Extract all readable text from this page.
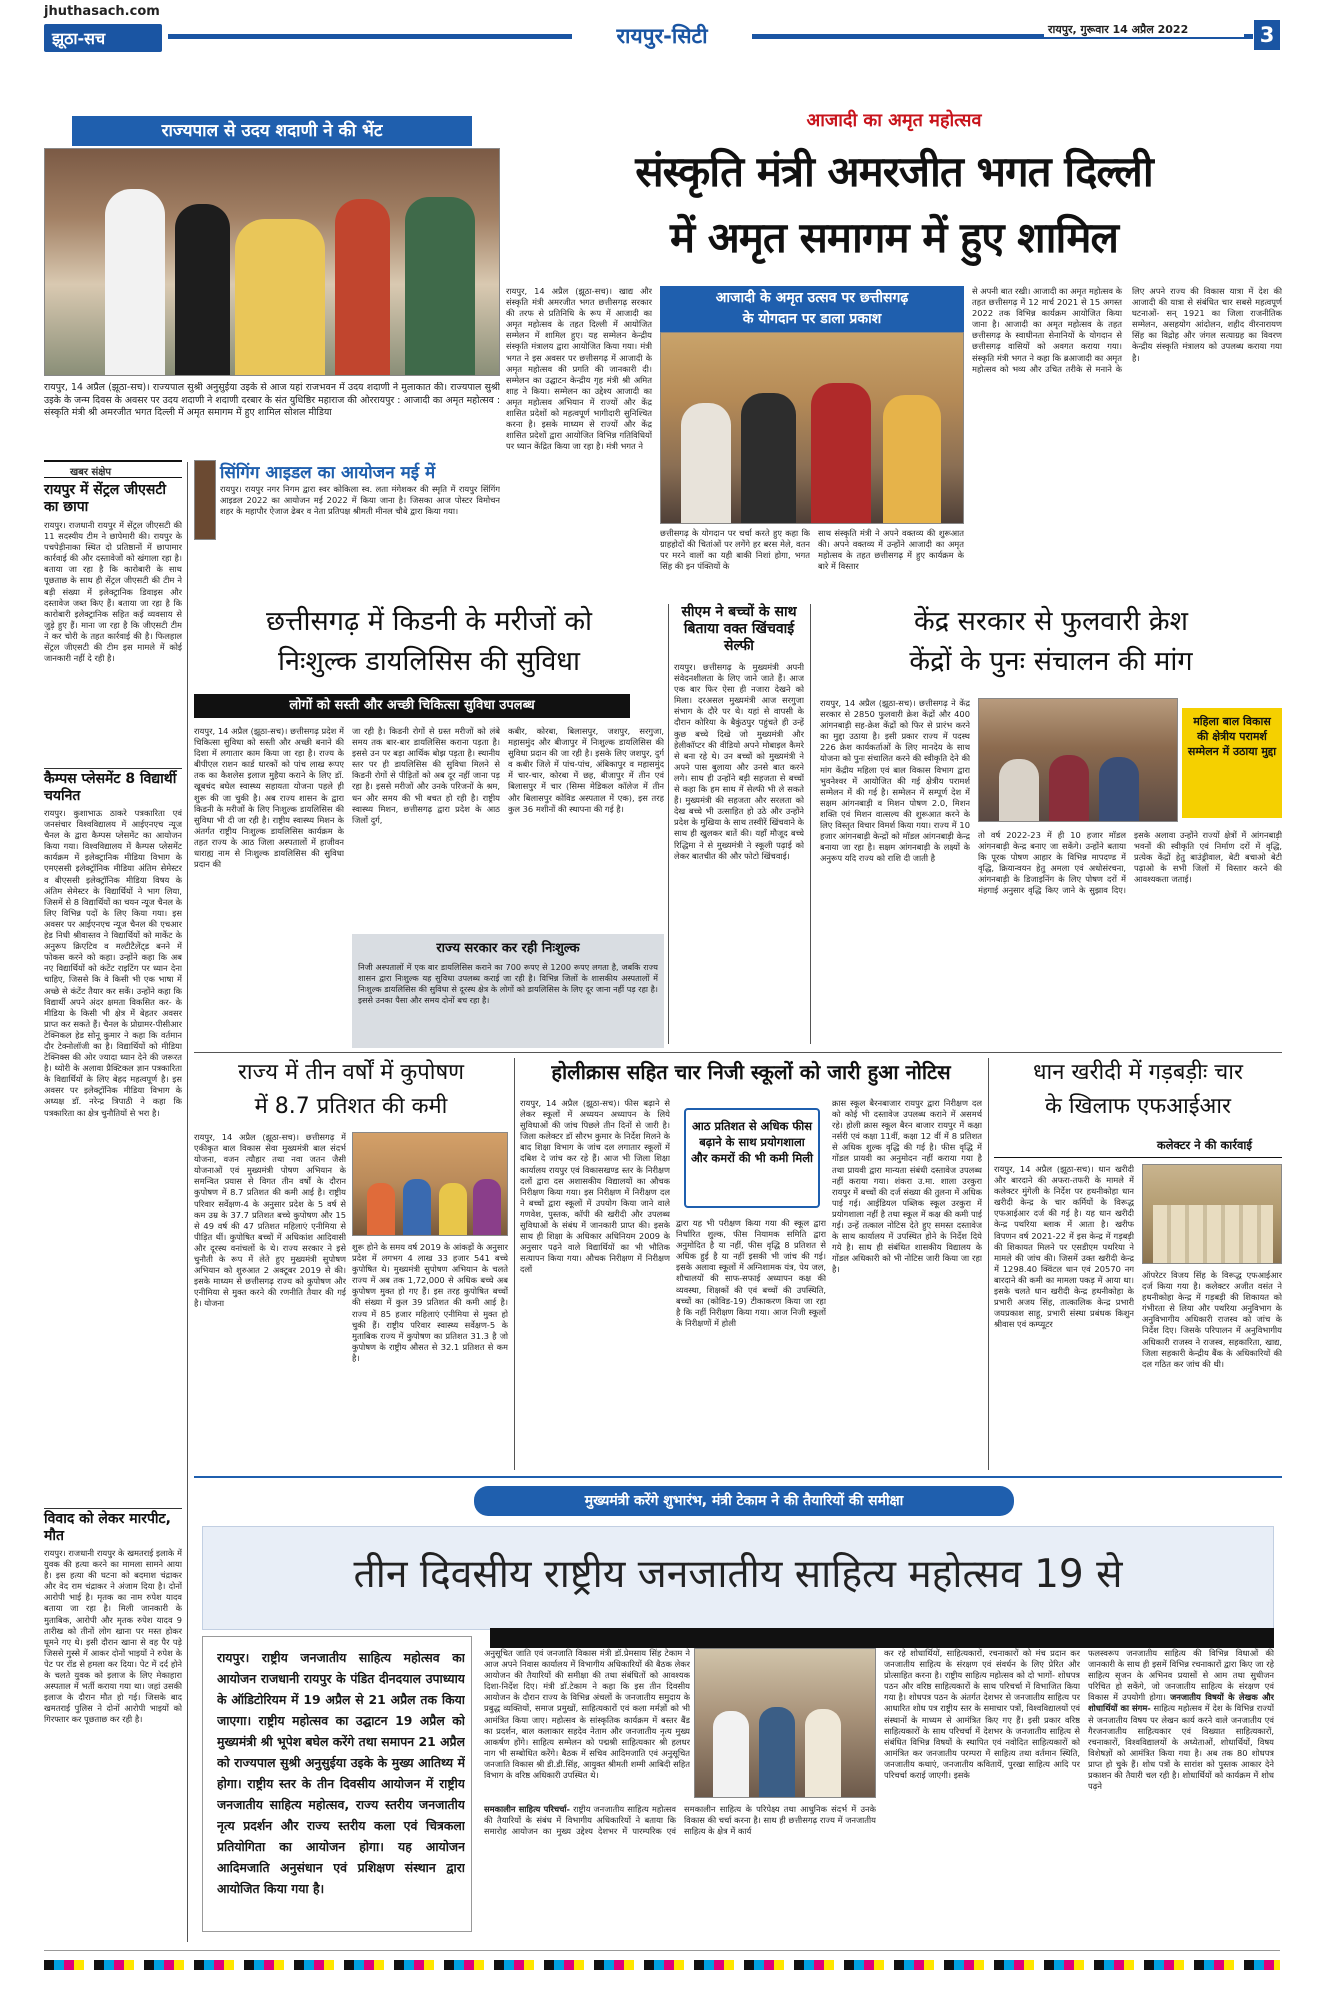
jhuthasach.com
झूठा-सच	रायपुर-सिटी	रायपुर, गुरूवार 14 अप्रैल 2022	3
राज्यपाल से उदय शदाणी ने की भेंट
रायपुर, 14 अप्रैल (झूठा-सच)। राज्यपाल सुश्री अनुसुईया उइके से आज यहां राजभवन में उदय शदाणी ने मुलाकात की। राज्यपाल सुश्री उइके के जन्म दिवस के अवसर पर उदय शदाणी ने शदाणी दरबार के संत युधिष्ठिर महाराज की ओररायपुर : आजादी का अमृत महोत्सव : संस्कृति मंत्री श्री अमरजीत भगत दिल्ली में अमृत समागम में हुए शामिल सोशल मीडिया
आजादी का अमृत महोत्सव
संस्कृति मंत्री अमरजीत भगत दिल्ली
में अमृत समागम में हुए शामिल
रायपुर, 14 अप्रैल (झूठा-सच)। खाद्य और संस्कृति मंत्री अमरजीत भगत छत्तीसगढ़ सरकार की तरफ से प्रतिनिधि के रूप में आजादी का अमृत महोत्सव के तहत दिल्ली में आयोजित सम्मेलन में शामिल हुए। यह सम्मेलन केन्द्रीय संस्कृति मंत्रालय द्वारा आयोजित किया गया। मंत्री भगत ने इस अवसर पर छत्तीसगढ़ में आजादी के अमृत महोत्सव की प्रगति की जानकारी दी। सम्मेलन का उद्घाटन केन्द्रीय गृह मंत्री श्री अमित शाह ने किया। सम्मेलन का उद्देश्य आजादी का अमृत महोत्सव अभियान में राज्यों और केंद्र शासित प्रदेशों को महत्वपूर्ण भागीदारी सुनिश्चित करना है। इसके माध्यम से राज्यों और केंद्र शासित प्रदेशों द्वारा आयोजित विभिन्न गतिविधियों पर ध्यान केंद्रित किया जा रहा है। मंत्री भगत ने
आजादी के अमृत उत्सव पर छत्तीसगढ़
के योगदान पर डाला प्रकाश
छत्तीसगढ़ के योगदान पर चर्चा करते हुए कहा कि ग्राहहोदों की चितांओं पर लगेंगे हर बरस मेले, वतन पर मरने वालों का यही बाकी निशां होगा, भगत सिंह की इन पंक्तियों के
साथ संस्कृति मंत्री ने अपने वक्तव्य की शुरूआत की। अपने वक्तव्य में उन्होंने आजादी का अमृत महोत्सव के तहत छत्तीसगढ़ में हुए कार्यक्रम के बारे में विस्तार
से अपनी बात रखी। आजादी का अमृत महोत्सव के तहत छत्तीसगढ़ में 12 मार्च 2021 से 15 अगस्त 2022 तक विभिन्न कार्यक्रम आयोजित किया जाना है। आजादी का अमृत महोत्सव के तहत छत्तीसगढ़ के स्वाधीनता सेनानियों के योगदान से छत्तीसगढ़ वासियों को अवगत कराया गया। संस्कृति मंत्री भगत ने कहा कि ब्रआजादी का अमृत महोत्सव को भव्य और उचित तरीके से मनाने के लिए अपने राज्य की विकास यात्रा में देश की आजादी की यात्रा से संबंधित चार सबसे महत्वपूर्ण घटनाओं- सन् 1921 का जिला राजनीतिक सम्मेलन, असहयोग आंदोलन, शहीद वीरनारायण सिंह का विद्रोह और जंगल सत्याग्रह का विवरण केन्द्रीय संस्कृति मंत्रालय को उपलब्ध कराया गया है।
खबर संक्षेप
रायपुर में सेंट्रल जीएसटी का छापा
रायपुर। राजधानी रायपुर में सेंट्रल जीएसटी की 11 सदस्यीय टीम ने छापेमारी की। रायपुर के पचपेड़ीनाका स्थित दो प्रतिष्ठानों में छापामार कार्रवाई की और दस्तावेजों को खंगाला रहा है। बताया जा रहा है कि कारोबारी के साथ पूछताछ के साथ ही सेंट्रल जीएसटी की टीम ने बड़ी संख्या में इलेक्ट्रानिक डिवाइस और दस्तावेज जब्त किए हैं। बताया जा रहा है कि कारोबारी इलेक्ट्रानिक सहित कई व्यवसाय से जुड़े हुए हैं। माना जा रहा है कि जीएसटी टीम ने कर चोरी के तहत कार्रवाई की है। फिलहाल सेंट्रल जीएसटी की टीम इस मामले में कोई जानकारी नहीं दे रही है।
कैम्पस प्लेसमेंट 8 विद्यार्थी चयनित
रायपुर। कुशाभाऊ ठाकरे पत्रकारिता एवं जनसंचार विश्वविद्यालय में आईएनएच न्यूज चैनल के द्वारा कैम्पस प्लेसमेंट का आयोजन किया गया। विश्वविद्यालय में कैम्पस प्लेसमेंट कार्यक्रम में इलेक्ट्रानिक मीडिया विभाग के एमएससी इलेक्ट्रॉनिक मीडिया अंतिम सेमेस्टर व बीएससी इलेक्ट्रॉनिक मीडिया विषय के अंतिम सेमेस्टर के विद्यार्थियों ने भाग लिया, जिसमें से 8 विद्यार्थियों का चयन न्यूज चैनल के लिए विभिन्न पदों के लिए किया गया। इस अवसर पर आईएनएच न्यूज चैनल की एचआर हेड निधी श्रीवास्तव ने विद्यार्थियों को मार्केट के अनुरूप क्रिएटिव व मल्टीटैलेंट्ड बनने में फोकस करने को कहा। उन्होंने कहा कि अब नए विद्यार्थियों को कंटेंट राइटिंग पर ध्यान देना चाहिए, जिससे कि वे किसी भी एक भाषा में अच्छे से कंटेंट तैयार कर सकें। उन्होंने कहा कि विद्यार्थी अपने अंदर क्षमता विकसित कर- के मीडिया के किसी भी क्षेत्र में बेहतर अवसर प्राप्त कर सकते हैं। चैनल के प्रोग्रामर-पीसीआर टेक्निकल हेड सोनू कुमार ने कहा कि वर्तमान दौर टेक्नोलॉजी का है। विद्यार्थियों को मीडिया टेक्निक्स की ओर ज्यादा ध्यान देने की जरूरत है। थ्योरी के अलावा प्रैक्टिकल ज्ञान पत्रकारिता के विद्यार्थियों के लिए बेहद महत्वपूर्ण है। इस अवसर पर इलेक्ट्रॉनिक मीडिया विभाग के अध्यक्ष डॉ. नरेन्द्र त्रिपाठी ने कहा कि पत्रकारिता का क्षेत्र चुनौतियों से भरा है।
विवाद को लेकर मारपीट, मौत
रायपुर। राजधानी रायपुर के खमतराई इलाके में युवक की हत्या करने का मामला सामने आया है। इस हत्या की घटना को बदमाश चंद्राकर और वेद राम चंद्राकर ने अंजाम दिया है। दोनों आरोपी भाई है। मृतक का नाम रुपेश यादव बताया जा रहा है। मिली जानकारी के मुताबिक, आरोपी और मृतक रुपेश यादव 9 तारीख को तीनों लोग खाना पर मस्त होकर घूमने गए थे। इसी दौरान खाना से वह पैर पड़े जिससे गुस्से में आकर दोनों भाइयों ने रुपेश के पेट पर रॉड से हमला कर दिया। पेट में दर्द होने के चलते युवक को इलाज के लिए मेकाहारा अस्पताल में भर्ती कराया गया था। जहां उसकी इलाज के दौरान मौत हो गई। जिसके बाद खमतराई पुलिस ने दोनों आरोपी भाइयों को गिरफ्तार कर पूछताछ कर रही है।
सिंगिंग आइडल का आयोजन मई में
रायपुर। रायपुर नगर निगम द्वारा स्वर कोकिला स्व. लता मंगेशकर की स्मृति में रायपुर सिंगिंग आइडल 2022 का आयोजन मई 2022 में किया जाना है। जिसका आज पोस्टर विमोचन शहर के महापौर ऐजाज ढेबर व नेता प्रतिपक्ष श्रीमती मीनल चौबे द्वारा किया गया।
छत्तीसगढ़ में किडनी के मरीजों को
निःशुल्क डायलिसिस की सुविधा
लोगों को सस्ती और अच्छी चिकित्सा सुविधा उपलब्ध
रायपुर, 14 अप्रैल (झूठा-सच)। छत्तीसगढ़ प्रदेश में चिकित्सा सुविधा को सस्ती और अच्छी बनाने की दिशा में लगातार काम किया जा रहा है। राज्य के बीपीएल राशन कार्ड धारकों को पांच लाख रूपए तक का कैशलेस इलाज मुहैया कराने के लिए डॉ. खूबचंद बघेल स्वास्थ्य सहायता योजना पहले ही शुरू की जा चुकी है। अब राज्य शासन के द्वारा किडनी के मरीजों के लिए निःशुल्क डायलिसिस की सुविधा भी दी जा रही है। राष्ट्रीय स्वास्थ्य मिशन के अंतर्गत राष्ट्रीय निःशुल्क डायलिसिस कार्यक्रम के तहत राज्य के आठ जिला अस्पतालों में हाजीवन धाराह्य नाम से निःशुल्क डायलिसिस की सुविधा प्रदान की
जा रही है। किडनी रोगों से ग्रस्त मरीजों को लंबे समय तक बार-बार डायलिसिस कराना पड़ता है। इससे उन पर बड़ा आर्थिक बोझ पड़ता है। स्थानीय स्तर पर ही डायलिसिस की सुविधा मिलने से किडनी रोगों से पीड़ितों को अब दूर नहीं जाना पड़ रहा है। इससे मरीजों और उनके परिजनों के श्रम, धन और समय की भी बचत हो रही है। राष्ट्रीय स्वास्थ्य मिशन, छत्तीसगढ़ द्वारा प्रदेश के आठ जिलों दुर्ग,
कबीर, कोरबा, बिलासपुर, जशपुर, सरगुजा, महासमुंद और बीजापुर में निःशुल्क डायलिसिस की सुविधा प्रदान की जा रही है। इसके लिए जशपुर, दुर्ग व कबीर जिले में पांच-पांच, अंबिकापुर व महासमुंद में चार-चार, कोरबा में छह, बीजापुर में तीन एवं बिलासपुर में चार (सिम्स मेडिकल कॉलेज में तीन और बिलासपुर कोविड अस्पताल में एक), इस तरह कुल 36 मशीनों की स्थापना की गई है।
राज्य सरकार कर रही निःशुल्क
निजी अस्पतालों में एक बार डायलिसिस कराने का 700 रूपए से 1200 रूपए लगता है, जबकि राज्य शासन द्वारा निःशुल्क यह सुविधा उपलब्ध कराई जा रही है। विभिन्न जिलों के शासकीय अस्पतालों में निःशुल्क डायलिसिस की सुविधा से दूरस्थ क्षेत्र के लोगों को डायलिसिस के लिए दूर जाना नहीं पड़ रहा है। इससे उनका पैसा और समय दोनों बच रहा है।
सीएम ने बच्चों के साथ बिताया वक्त खिंचवाई सेल्फी
रायपुर। छत्तीसगढ़ के मुख्यमंत्री अपनी संवेदनशीलता के लिए जाने जाते हैं। आज एक बार फिर ऐसा ही नजारा देखने को मिला। दरअसल मुख्यमंत्री आज सरगुजा संभाग के दौरे पर थे। यहां से वापसी के दौरान कोरिया के बैकुंठपुर पहुंचते ही उन्हें कुछ बच्चे दिखे जो मुख्यमंत्री और हेलीकॉप्टर की वीडियो अपने मोबाइल कैमरे से बना रहे थे। उन बच्चों को मुख्यमंत्री ने अपने पास बुलाया और उनसे बात करने लगे। साथ ही उन्होंने बड़ी सहजता से बच्चों से कहा कि हम साथ में सेल्फी भी ले सकते हैं। मुख्यमंत्री की सहजता और सरलता को देख बच्चे भी उत्साहित हो उठे और उन्होंने प्रदेश के मुखिया के साथ तस्वीरें खिंचवाने के साथ ही खुलकर बातें की। यहाँ मौजूद बच्चे रिद्धिमा ने से मुख्यमंत्री ने स्कूली पढ़ाई को लेकर बातचीत की और फोटो खिंचवाई।
केंद्र सरकार से फुलवारी क्रेश
केंद्रों के पुनः संचालन की मांग
रायपुर, 14 अप्रैल (झूठा-सच)। छत्तीसगढ़ ने केंद्र सरकार से 2850 फुलवारी क्रेश केंद्रों और 400 आंगनबाड़ी सह-क्रेश केंद्रों को फिर से प्रारंभ करने का मुद्दा उठाया है। इसी प्रकार राज्य में पदस्थ 226 क्रेश कार्यकर्ताओं के लिए मानदेय के साथ योजना को पुनः संचालित करने की स्वीकृति देने की मांग केंद्रीय महिला एवं बाल विकास विभाग द्वारा भुवनेश्वर में आयोजित की गई क्षेत्रीय परामर्श सम्मेलन में की गई है। सम्मेलन में सम्पूर्ण देश में सक्षम आंगनबाड़ी व मिशन पोषण 2.0, मिशन शक्ति एवं मिशन वात्सल्य की शुरूआत करने के लिए विस्तृत विचार विमर्श किया गया। राज्य में 10 हजार आंगनबाड़ी केन्द्रों को मॉडल आंगनबाड़ी केन्द्र बनाया जा रहा है। सक्षम आंगनबाड़ी के लक्ष्यों के अनुरूप यदि राज्य को राशि दी जाती है
महिला बाल विकास की क्षेत्रीय परामर्श सम्मेलन में उठाया मुद्दा
तो वर्ष 2022-23 में ही 10 हजार मॉडल आंगनबाड़ी केन्द्र बनाए जा सकेंगे। उन्होंने बताया कि पूरक पोषण आहार के विभिन्न मापदण्ड में वृद्धि, क्रियान्वयन हेतु अमला एवं अधोसंरचना, आंगनबाड़ी के डिजाइनिंग के लिए पोषण दरों में मंहगाई अनुसार वृद्धि किए जाने के सुझाव दिए। इसके अलावा उन्होंने राज्यों क्षेत्रों में आंगनबाड़ी भवनों की स्वीकृति एवं निर्माण दरों में वृद्धि, प्रत्येक केंद्रों हेतु बाउंड्रीवाल, बेटी बचाओ बेटी पढ़ाओ के सभी जिलों में विस्तार करने की आवश्यकता जताई।
राज्य में तीन वर्षों में कुपोषण
में 8.7 प्रतिशत की कमी
रायपुर, 14 अप्रैल (झूठा-सच)। छत्तीसगढ़ में एकीकृत बाल विकास सेवा मुख्यमंत्री बाल संदर्भ योजना, वजन त्यौहार तथा नवा जतन जैसी योजनाओं एवं मुख्यमंत्री पोषण अभियान के समन्वित प्रयास से विगत तीन वर्षों के दौरान कुपोषण में 8.7 प्रतिशत की कमी आई है। राष्ट्रीय परिवार सर्वेक्षण-4 के अनुसार प्रदेश के 5 वर्ष से कम उम्र के 37.7 प्रतिशत बच्चे कुपोषण और 15 से 49 वर्ष की 47 प्रतिशत महिलाएं एनीमिया से पीड़ित थीं। कुपोषित बच्चों में अधिकांश आदिवासी और दूरस्थ वनांचलों के थे। राज्य सरकार ने इसे चुनौती के रूप में लेते हुए मुख्यमंत्री सुपोषण अभियान को शुरुआत 2 अक्टूबर 2019 से की। इसके माध्यम से छत्तीसगढ़ राज्य को कुपोषण और एनीमिया से मुक्त करने की रणनीति तैयार की गई है। योजना
शुरू होने के समय वर्ष 2019 के आंकड़ों के अनुसार प्रदेश में लगभग 4 लाख 33 हजार 541 बच्चे कुपोषित थे। मुख्यमंत्री सुपोषण अभियान के चलते राज्य में अब तक 1,72,000 से अधिक बच्चे अब कुपोषण मुक्त हो गए हैं। इस तरह कुपोषित बच्चों की संख्या में कुल 39 प्रतिशत की कमी आई है। राज्य में 85 हजार महिलाएं एनीमिया से मुक्त हो चुकी हैं। राष्ट्रीय परिवार स्वास्थ्य सर्वेक्षण-5 के मुताबिक राज्य में कुपोषण का प्रतिशत 31.3 है जो कुपोषण के राष्ट्रीय औसत से 32.1 प्रतिशत से कम है।
होलीक्रास सहित चार निजी स्कूलों को जारी हुआ नोटिस
रायपुर, 14 अप्रैल (झूठा-सच)। फीस बढ़ाने से लेकर स्कूलों में अध्ययन अध्यापन के लिये सुविधाओं की जांच पिछले तीन दिनों से जारी है। जिला कलेक्टर डॉ सौरभ कुमार के निर्देश मिलने के बाद शिक्षा विभाग के जांच दल लगातार स्कूलों में दबिश दे जांच कर रहे हैं। आज भी जिला शिक्षा कार्यालय रायपुर एवं विकासखण्ड स्तर के निरीक्षण दलों द्वारा दस अशासकीय विद्यालयों का औचक निरीक्षण किया गया। इस निरीक्षण में निरीक्षण दल ने बच्चों द्वारा स्कूलों में उपयोग किया जाने वाले गणवेश, पुस्तक, कॉपी की खरीदी और उपलब्ध सुविधाओं के संबंध में जानकारी प्राप्त की। इसके साथ ही शिक्षा के अधिकार अधिनियम 2009 के अनुसार पढ़ने वाले विद्यार्थियों का भी भौतिक सत्यापन किया गया। औचक निरीक्षण में निरीक्षण दलों
आठ प्रतिशत से अधिक फीस बढ़ाने के साथ प्रयोगशाला और कमरों की भी कमी मिली
द्वारा यह भी परीक्षण किया गया की स्कूल द्वारा निर्धारित शुल्क, फीस नियामक समिति द्वारा अनुमोदित है या नहीं, फीस वृद्धि 8 प्रतिशत से अधिक हुई है या नहीं इसकी भी जांच की गई। इसके अलावा स्कूलों में अग्निशामक यंत्र, पेय जल, शौचालयों की साफ-सफाई अध्यापन कक्ष की व्यवस्था, शिक्षकों की एवं बच्चों की उपस्थिति, बच्चों का (कोविड-19) टीकाकरण किया जा रहा है कि नहीं निरीक्षण किया गया। आज निजी स्कूलों के निरीक्षणों में होली
क्रास स्कूल बैरनबाजार रायपुर द्वारा निरीक्षण दल को कोई भी दस्तावेज उपलब्ध कराने में असमर्थ रहे। होली क्रास स्कूल बैरन बाजार रायपुर में कक्षा नर्सरी एवं कक्षा 11वीं, कक्षा 12 वीं में 8 प्रतिशत से अधिक शुल्क वृद्धि की गई है। फीस वृद्धि में गोंडल प्रायवी का अनुमोदन नहीं कराया गया है तथा प्रायवी द्वारा मान्यता संबंधी दस्तावेज उपलब्ध नहीं कराया गया। शंकरा उ.मा. शाला उरकुरा रायपुर में बच्चों की दर्ज संख्या की तुलना में अधिक पाई गई। आईडियल पब्लिक स्कूल उरकुरा में प्रयोगशाला नहीं है तथा स्कूल में कक्ष की कमी पाई गई। उन्हें तत्काल नोटिस देते हुए समस्त दस्तावेज के साथ कार्यालय में उपस्थित होने के निर्देश दिये गये है। साथ ही संबंधित शासकीय विद्यालय के गोंडल अधिकारी को भी नोटिस जारी किया जा रहा है।
धान खरीदी में गड़बड़ीः चार
के खिलाफ एफआईआर
कलेक्टर ने की कार्रवाई
रायपुर, 14 अप्रैल (झूठा-सच)। धान खरीदी और बारदाने की अफरा-तफरी के मामले में कलेक्टर मुंगेली के निर्देश पर हथनीकोहा धान खरीदी केन्द्र के चार कर्मियों के विरूद्ध एफआईआर दर्ज की गई है। यह धान खरीदी केन्द्र पथरिया ब्लाक में आता है। खरीफ विपणन वर्ष 2021-22 में इस केन्द्र में गड़बड़ी की शिकायत मिलने पर एसडीएम पथरिया ने मामले की जांच की। जिसमें उक्त खरीदी केन्द्र में 1298.40 क्विंटल धान एवं 20570 नग बारदाने की कमी का मामला पकड़ में आया था। इसके चलते धान खरीदी केन्द्र हथनीकोहा के प्रभारी अजय सिंह, तात्कालिक केन्द्र प्रभारी जयप्रकाश साहू, प्रभारी संस्था प्रबंधक किशुन श्रीवास एवं कम्प्यूटर
ऑपरेटर विजय सिंह के विरूद्ध एफआईआर दर्ज किया गया है। कलेक्टर अजीत वसंत ने हथनीकोहा केन्द्र में गड़बड़ी की शिकायत को गंभीरता से लिया और पथरिया अनुविभाग के अनुविभागीय अधिकारी राजस्व को जांच के निर्देश दिए। जिसके परिपालन में अनुविभागीय अधिकारी राजस्व ने राजस्व, सहकारिता, खाद्य, जिला सहकारी केन्द्रीय बैंक के अधिकारियों की दल गठित कर जांच की थी।
मुख्यमंत्री करेंगे शुभारंभ, मंत्री टेकाम ने की तैयारियों की समीक्षा
तीन दिवसीय राष्ट्रीय जनजातीय साहित्य महोत्सव 19 से
रायपुर। राष्ट्रीय जनजातीय साहित्य महोत्सव का आयोजन राजधानी रायपुर के पंडित दीनदयाल उपाध्याय के ऑडिटोरियम में 19 अप्रैल से 21 अप्रैल तक किया जाएगा। राष्ट्रीय महोत्सव का उद्घाटन 19 अप्रैल को मुख्यमंत्री श्री भूपेश बघेल करेंगे तथा समापन 21 अप्रैल को राज्यपाल सुश्री अनुसुईया उइके के मुख्य आतिथ्य में होगा। राष्ट्रीय स्तर के तीन दिवसीय आयोजन में राष्ट्रीय जनजातीय साहित्य महोत्सव, राज्य स्तरीय जनजातीय नृत्य प्रदर्शन और राज्य स्तरीय कला एवं चित्रकला प्रतियोगिता का आयोजन होगा। यह आयोजन आदिमजाति अनुसंधान एवं प्रशिक्षण संस्थान द्वारा आयोजित किया गया है।
अनुसूचित जाति एवं जनजाति विकास मंत्री डॉ.प्रेमसाय सिंह टेकाम ने आज अपने निवास कार्यालय में विभागीय अधिकारियों की बैठक लेकर आयोजन की तैयारियों की समीक्षा की तथा संबंधितों को आवश्यक दिशा-निर्देश दिए। मंत्री डॉ.टेकाम ने कहा कि इस तीन दिवसीय आयोजन के दौरान राज्य के विभिन्न अंचलों के जनजातीय समुदाय के प्रबुद्ध व्यक्तियों, समाज प्रमुखों, साहित्यकारों एवं कला मर्मज्ञों को भी आमंत्रित किया जाए। महोत्सव के सांस्कृतिक कार्यक्रम में बस्तर बैंड का प्रदर्शन, बाल कलाकार सहदेव नेताम और जनजातीय नृत्य मुख्य आकर्षण होंगे। साहित्य सम्मेलन को पद्मश्री साहित्यकार श्री हलधर नाग भी सम्बोधित करेंगे। बैठक में सचिव आदिमजाति एवं अनुसूचित जनजाति विकास श्री डी.डी.सिंह, आयुक्त श्रीमती शम्मी आबिदी सहित विभाग के वरिष्ठ अधिकारी उपस्थित थे।
समकालीन साहित्य परिचर्चा- राष्ट्रीय जनजातीय साहित्य महोत्सव की तैयारियों के संबंध में विभागीय अधिकारियों ने बताया कि समारोह आयोजन का मुख्य उद्देश्य देशभर में पारम्परिक एवं समकालीन साहित्य के परिपेक्ष्य तथा आधुनिक संदर्भ में उनके विकास की चर्चा करना है। साथ ही छत्तीसगढ़ राज्य में जनजातीय साहित्य के क्षेत्र में कार्य
कर रहे शोधार्थियों, साहित्यकारों, रचनाकारों को मंच प्रदान कर जनजातीय साहित्य के संरक्षण एवं संवर्धन के लिए प्रेरित और प्रोत्साहित करना है। राष्ट्रीय साहित्य महोत्सव को दो भागों- शोधपत्र पठन और वरिष्ठ साहित्यकारों के साथ परिचर्चा में विभाजित किया गया है। शोधपत्र पठन के अंतर्गत देशभर से जनजातीय साहित्य पर आधारित शोध पत्र राष्ट्रीय स्तर के समाचार पत्रों, विश्वविद्यालयों एवं संस्थानों के माध्यम से आमंत्रित किए गए हैं। इसी प्रकार वरिष्ठ साहित्यकारों के साथ परिचर्चा में देशभर के जनजातीय साहित्य से संबंधित विभिन्न विषयों के स्थापित एवं नवोदित साहित्यकारों को आमंत्रित कर जनजातीय परम्परा में साहित्य तथा वर्तमान स्थिति, जनजातीय कथाएं, जनजातीय कवितायें, पुरखा साहित्य आदि पर परिचर्चा कराई जाएगी। इसके
फलस्वरूप जनजातीय साहित्य की विभिन्न विधाओं की जानकारी के साथ ही इसमें विभिन्न रचनाकारों द्वारा किए जा रहे साहित्य सृजन के अभिनव प्रयासों से आम तथा सुधीजन परिचित हो सकेंगे, जो जनजातीय साहित्य के संरक्षण एवं विकास में उपयोगी होगा। जनजातीय विषयों के लेखक और शोधार्थियों का संगम- साहित्य महोत्सव में देश के विभिन्न राज्यों से जनजातीय विषय पर लेखन कार्य करने वाले जनजातीय एवं गैरजनजातीय साहित्यकार एवं विख्यात साहित्यकारों, रचनाकारों, विश्वविद्यालयों के अध्येताओं, शोधार्थियों, विषय विशेषज्ञों को आमंत्रित किया गया है। अब तक 80 शोधपत्र प्राप्त हो चुके हैं। शोध पत्रों के सारांश को पुस्तक आकार देने प्रकाशन की तैयारी चल रही है। शोधार्थियों को कार्यक्रम में शोध पढ़ने
